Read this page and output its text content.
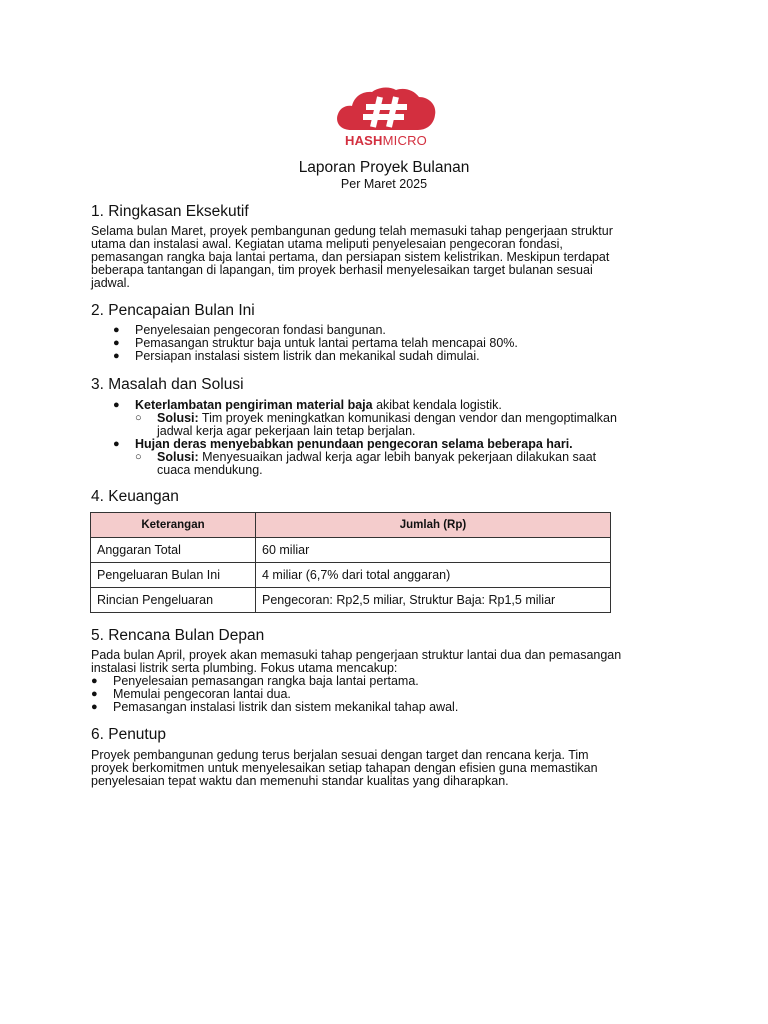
HASHMICRO
Laporan Proyek Bulanan
Per Maret 2025
1. Ringkasan Eksekutif

Selama bulan Maret, proyek pembangunan gedung telah memasuki tahap pengerjaan struktur

utama dan instalasi awal. Kegiatan utama meliputi penyelesaian pengecoran fondasi,

pemasangan rangka baja lantai pertama, dan persiapan sistem kelistrikan. Meskipun terdapat

beberapa tantangan di lapangan, tim proyek berhasil menyelesaikan target bulanan sesuai

jadwal.

2. Pencapaian Bulan Ini
●	Penyelesaian pengecoran fondasi bangunan.
●	Pemasangan struktur baja untuk lantai pertama telah mencapai 80%.
●	Persiapan instalasi sistem listrik dan mekanikal sudah dimulai.
3. Masalah dan Solusi
●	Keterlambatan pengiriman material baja akibat kendala logistik.
○	Solusi: Tim proyek meningkatkan komunikasi dengan vendor dan mengoptimalkan
jadwal kerja agar pekerjaan lain tetap berjalan.
●	Hujan deras menyebabkan penundaan pengecoran selama beberapa hari.
○	Solusi: Menyesuaikan jadwal kerja agar lebih banyak pekerjaan dilakukan saat
cuaca mendukung.
4. Keuangan
Keterangan	Jumlah (Rp)
Anggaran Total	60 miliar
Pengeluaran Bulan Ini	4 miliar (6,7% dari total anggaran)
Rincian Pengeluaran	Pengecoran: Rp2,5 miliar, Struktur Baja: Rp1,5 miliar
5. Rencana Bulan Depan

Pada bulan April, proyek akan memasuki tahap pengerjaan struktur lantai dua dan pemasangan

instalasi listrik serta plumbing. Fokus utama mencakup:

●	Penyelesaian pemasangan rangka baja lantai pertama.
●	Memulai pengecoran lantai dua.
●	Pemasangan instalasi listrik dan sistem mekanikal tahap awal.
6. Penutup

Proyek pembangunan gedung terus berjalan sesuai dengan target dan rencana kerja. Tim

proyek berkomitmen untuk menyelesaikan setiap tahapan dengan efisien guna memastikan

penyelesaian tepat waktu dan memenuhi standar kualitas yang diharapkan.
